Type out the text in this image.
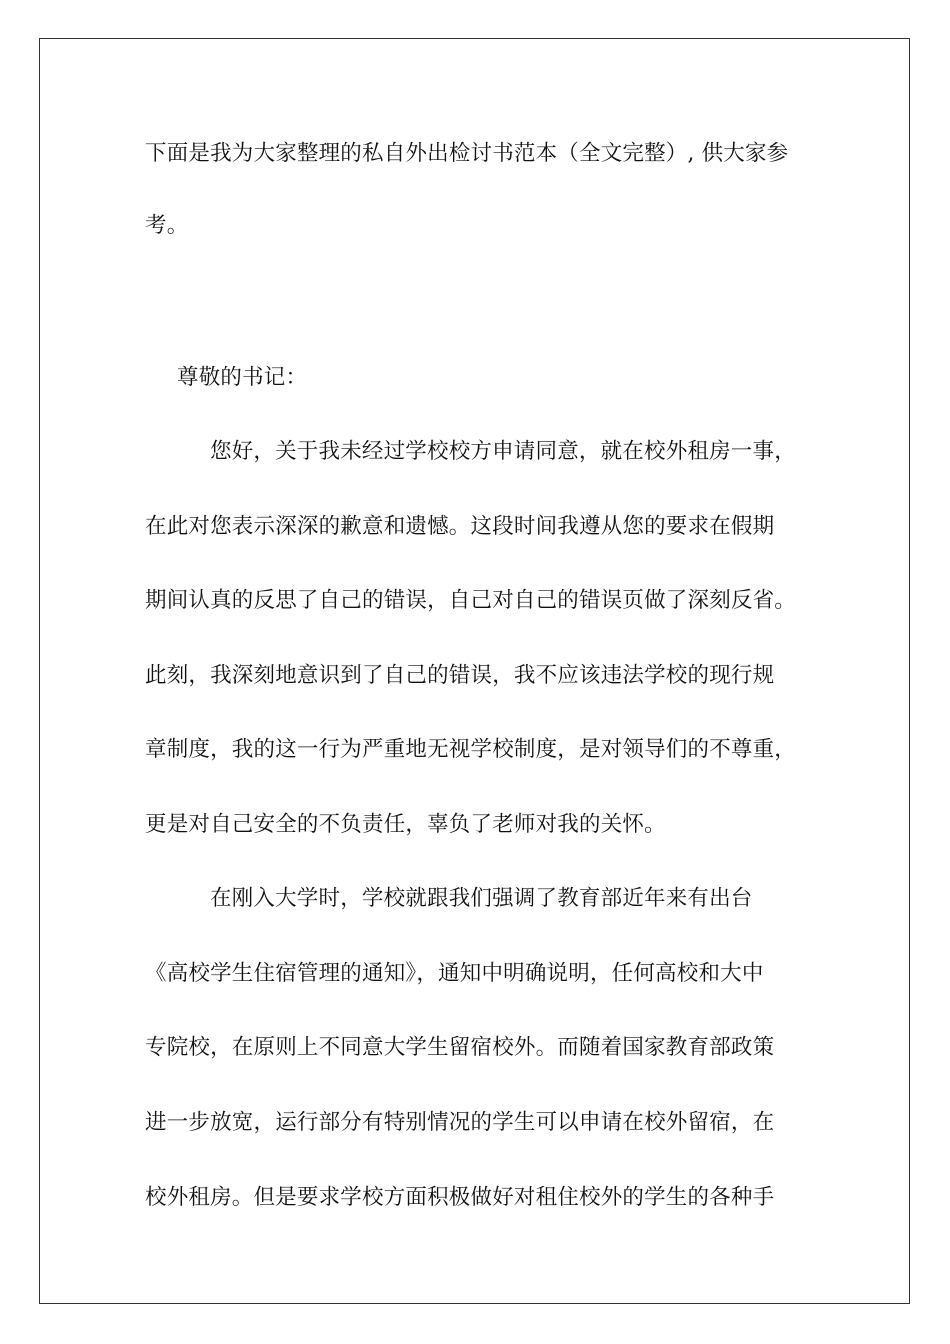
下面是我为大家整理的私自外出检讨书范本（全文完整）, 供大家参
考。
尊敬的书记：
您好，关于我未经过学校校方申请同意，就在校外租房一事，
在此对您表示深深的歉意和遗憾。这段时间我遵从您的要求在假期
期间认真的反思了自己的错误，自己对自己的错误页做了深刻反省。
此刻，我深刻地意识到了自己的错误，我不应该违法学校的现行规
章制度，我的这一行为严重地无视学校制度，是对领导们的不尊重，
更是对自己安全的不负责任，辜负了老师对我的关怀。
在刚入大学时，学校就跟我们强调了教育部近年来有出台
《高校学生住宿管理的通知》，通知中明确说明，任何高校和大中
专院校，在原则上不同意大学生留宿校外。而随着国家教育部政策
进一步放宽，运行部分有特别情况的学生可以申请在校外留宿，在
校外租房。但是要求学校方面积极做好对租住校外的学生的各种手
